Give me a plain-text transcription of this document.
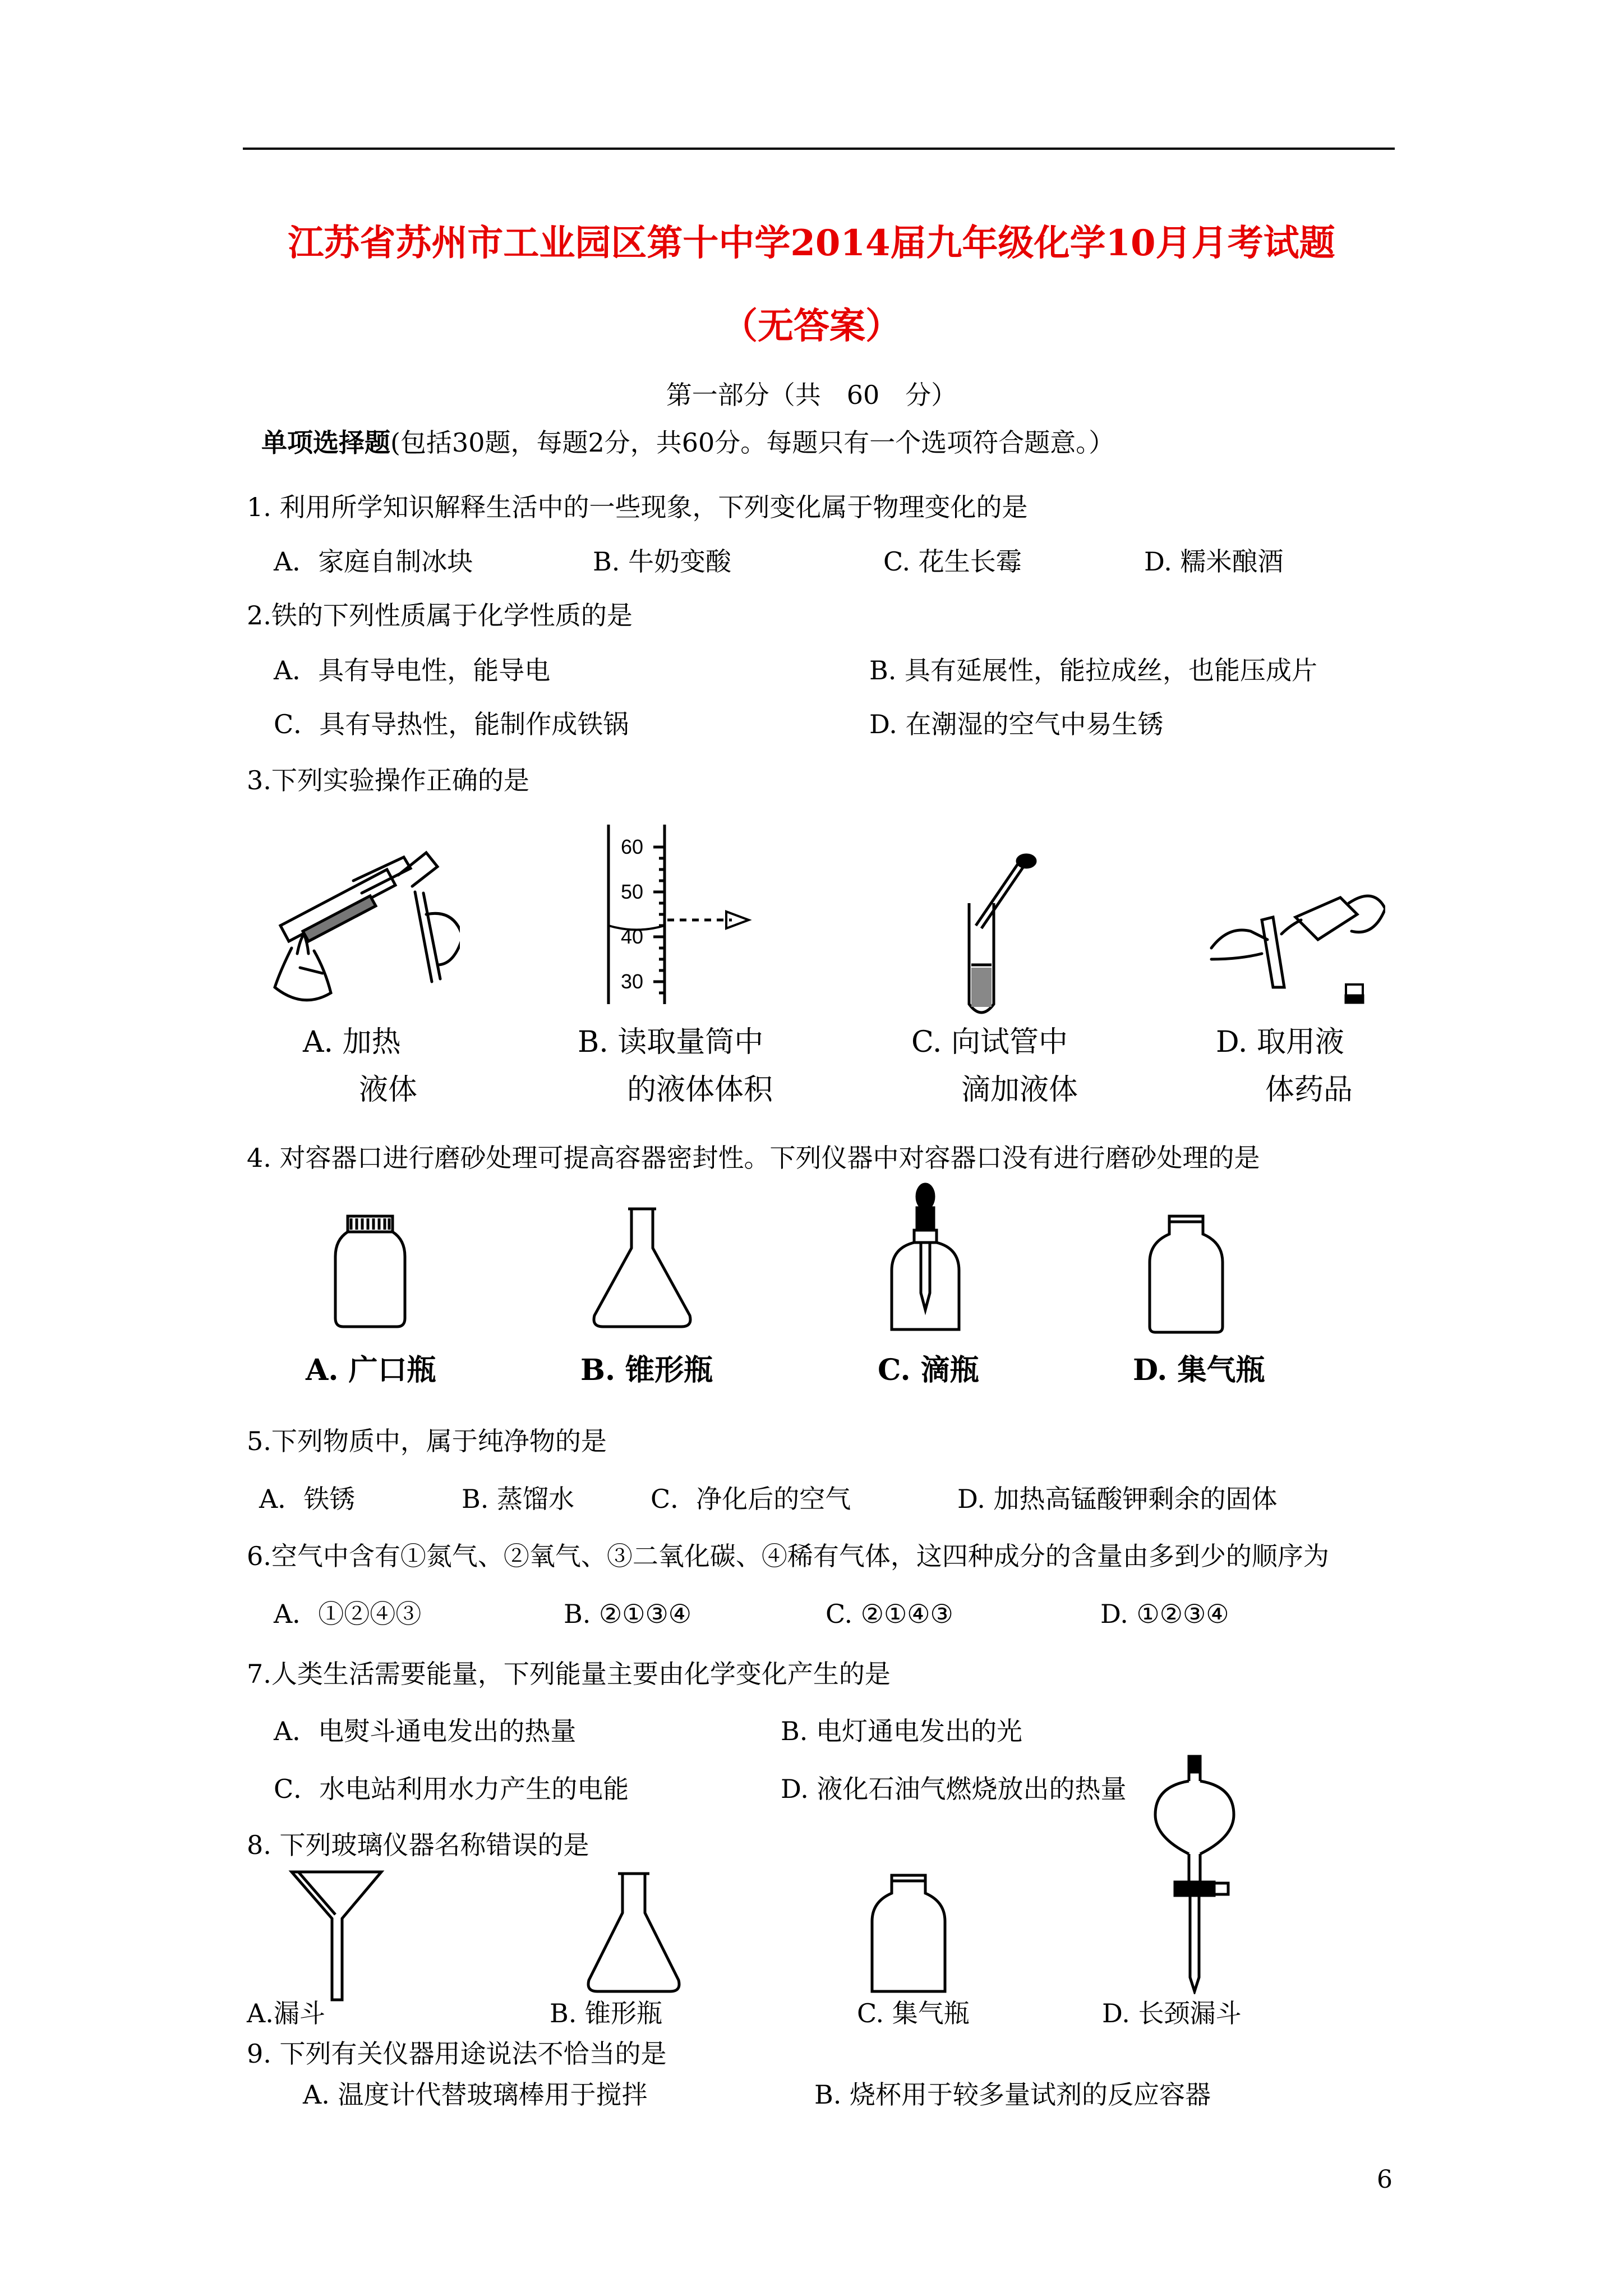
江苏省苏州市工业园区第十中学2014届九年级化学10月月考试题
（无答案）
第一部分（共　60　分）
单项选择题(包括30题，每题2分，共60分。每题只有一个选项符合题意。）
1. 利用所学知识解释生活中的一些现象，下列变化属于物理变化的是
A．家庭自制冰块	B. 牛奶变酸	C. 花生长霉	D. 糯米酿酒
2.铁的下列性质属于化学性质的是
A．具有导电性，能导电	B. 具有延展性，能拉成丝，也能压成片
C．具有导热性，能制作成铁锅	D. 在潮湿的空气中易生锈
3.下列实验操作正确的是
60
50
40
30
A. 加热
液体
B. 读取量筒中
的液体体积
C. 向试管中
滴加液体
D. 取用液
体药品
4. 对容器口进行磨砂处理可提高容器密封性。下列仪器中对容器口没有进行磨砂处理的是
A. 广口瓶	B. 锥形瓶	C. 滴瓶	D. 集气瓶
5.下列物质中，属于纯净物的是
A．铁锈	B. 蒸馏水	C．净化后的空气	D. 加热高锰酸钾剩余的固体
6.空气中含有①氮气、②氧气、③二氧化碳、④稀有气体，这四种成分的含量由多到少的顺序为
A．①②④③	B. ②①③④	C. ②①④③	D. ①②③④
7.人类生活需要能量，下列能量主要由化学变化产生的是
A．电熨斗通电发出的热量	B. 电灯通电发出的光
C．水电站利用水力产生的电能	D. 液化石油气燃烧放出的热量
8. 下列玻璃仪器名称错误的是
A.漏斗	B. 锥形瓶	C. 集气瓶	D. 长颈漏斗
9. 下列有关仪器用途说法不恰当的是
A. 温度计代替玻璃棒用于搅拌	B. 烧杯用于较多量试剂的反应容器
6
